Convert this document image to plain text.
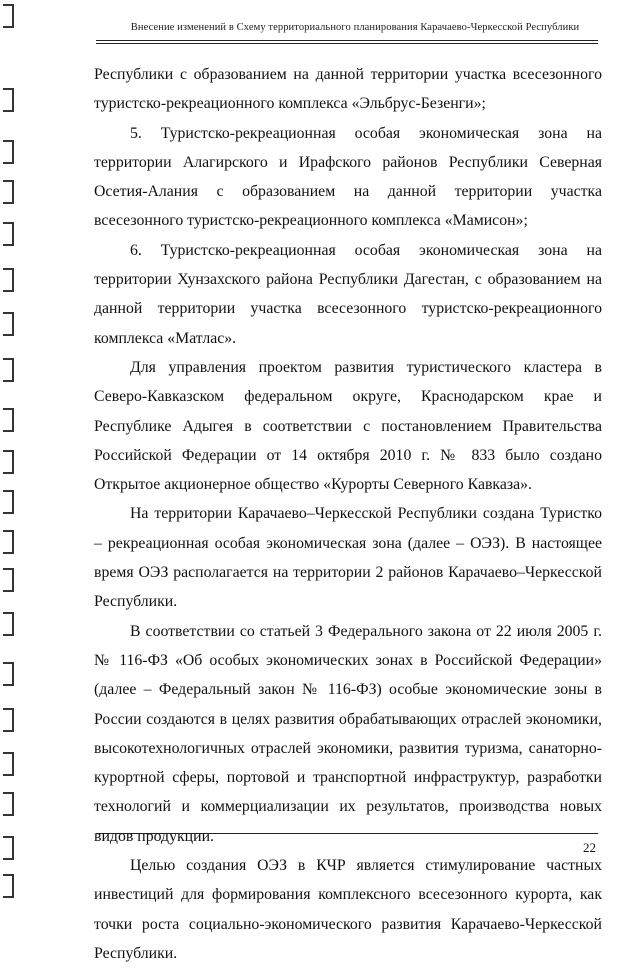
Внесение изменений в Схему территориального планирования Карачаево-Черкесской Республики

Республики с образованием на данной территории участка всесезонного туристско-рекреационного комплекса «Эльбрус-Безенги»;

5. Туристско-рекреационная особая экономическая зона на территории Алагирского и Ирафского районов Республики Северная Осетия-Алания с образованием на данной территории участка всесезонного туристско-рекреационного комплекса «Мамисон»;

6. Туристско-рекреационная особая экономическая зона на территории Хунзахского района Республики Дагестан, с образованием на данной территории участка всесезонного туристско-рекреационного комплекса «Матлас».

Для управления проектом развития туристического кластера в Северо-Кавказском федеральном округе, Краснодарском крае и Республике Адыгея в соответствии с постановлением Правительства Российской Федерации от 14 октября 2010 г. № 833 было создано Открытое акционерное общество «Курорты Северного Кавказа».

На территории Карачаево–Черкесской Республики создана Туристко – рекреационная особая экономическая зона (далее – ОЭЗ). В настоящее время ОЭЗ располагается на территории 2 районов Карачаево–Черкесской Республики.

В соответствии со статьей 3 Федерального закона от 22 июля 2005 г. № 116-ФЗ «Об особых экономических зонах в Российской Федерации» (далее – Федеральный закон № 116-ФЗ) особые экономические зоны в России создаются в целях развития обрабатывающих отраслей экономики, высокотехнологичных отраслей экономики, развития туризма, санаторно-курортной сферы, портовой и транспортной инфраструктур, разработки технологий и коммерциализации их результатов, производства новых видов продукции.

Целью создания ОЭЗ в КЧР является стимулирование частных инвестиций для формирования комплексного всесезонного курорта, как точки роста социально-экономического развития Карачаево-Черкесской Республики.

22
